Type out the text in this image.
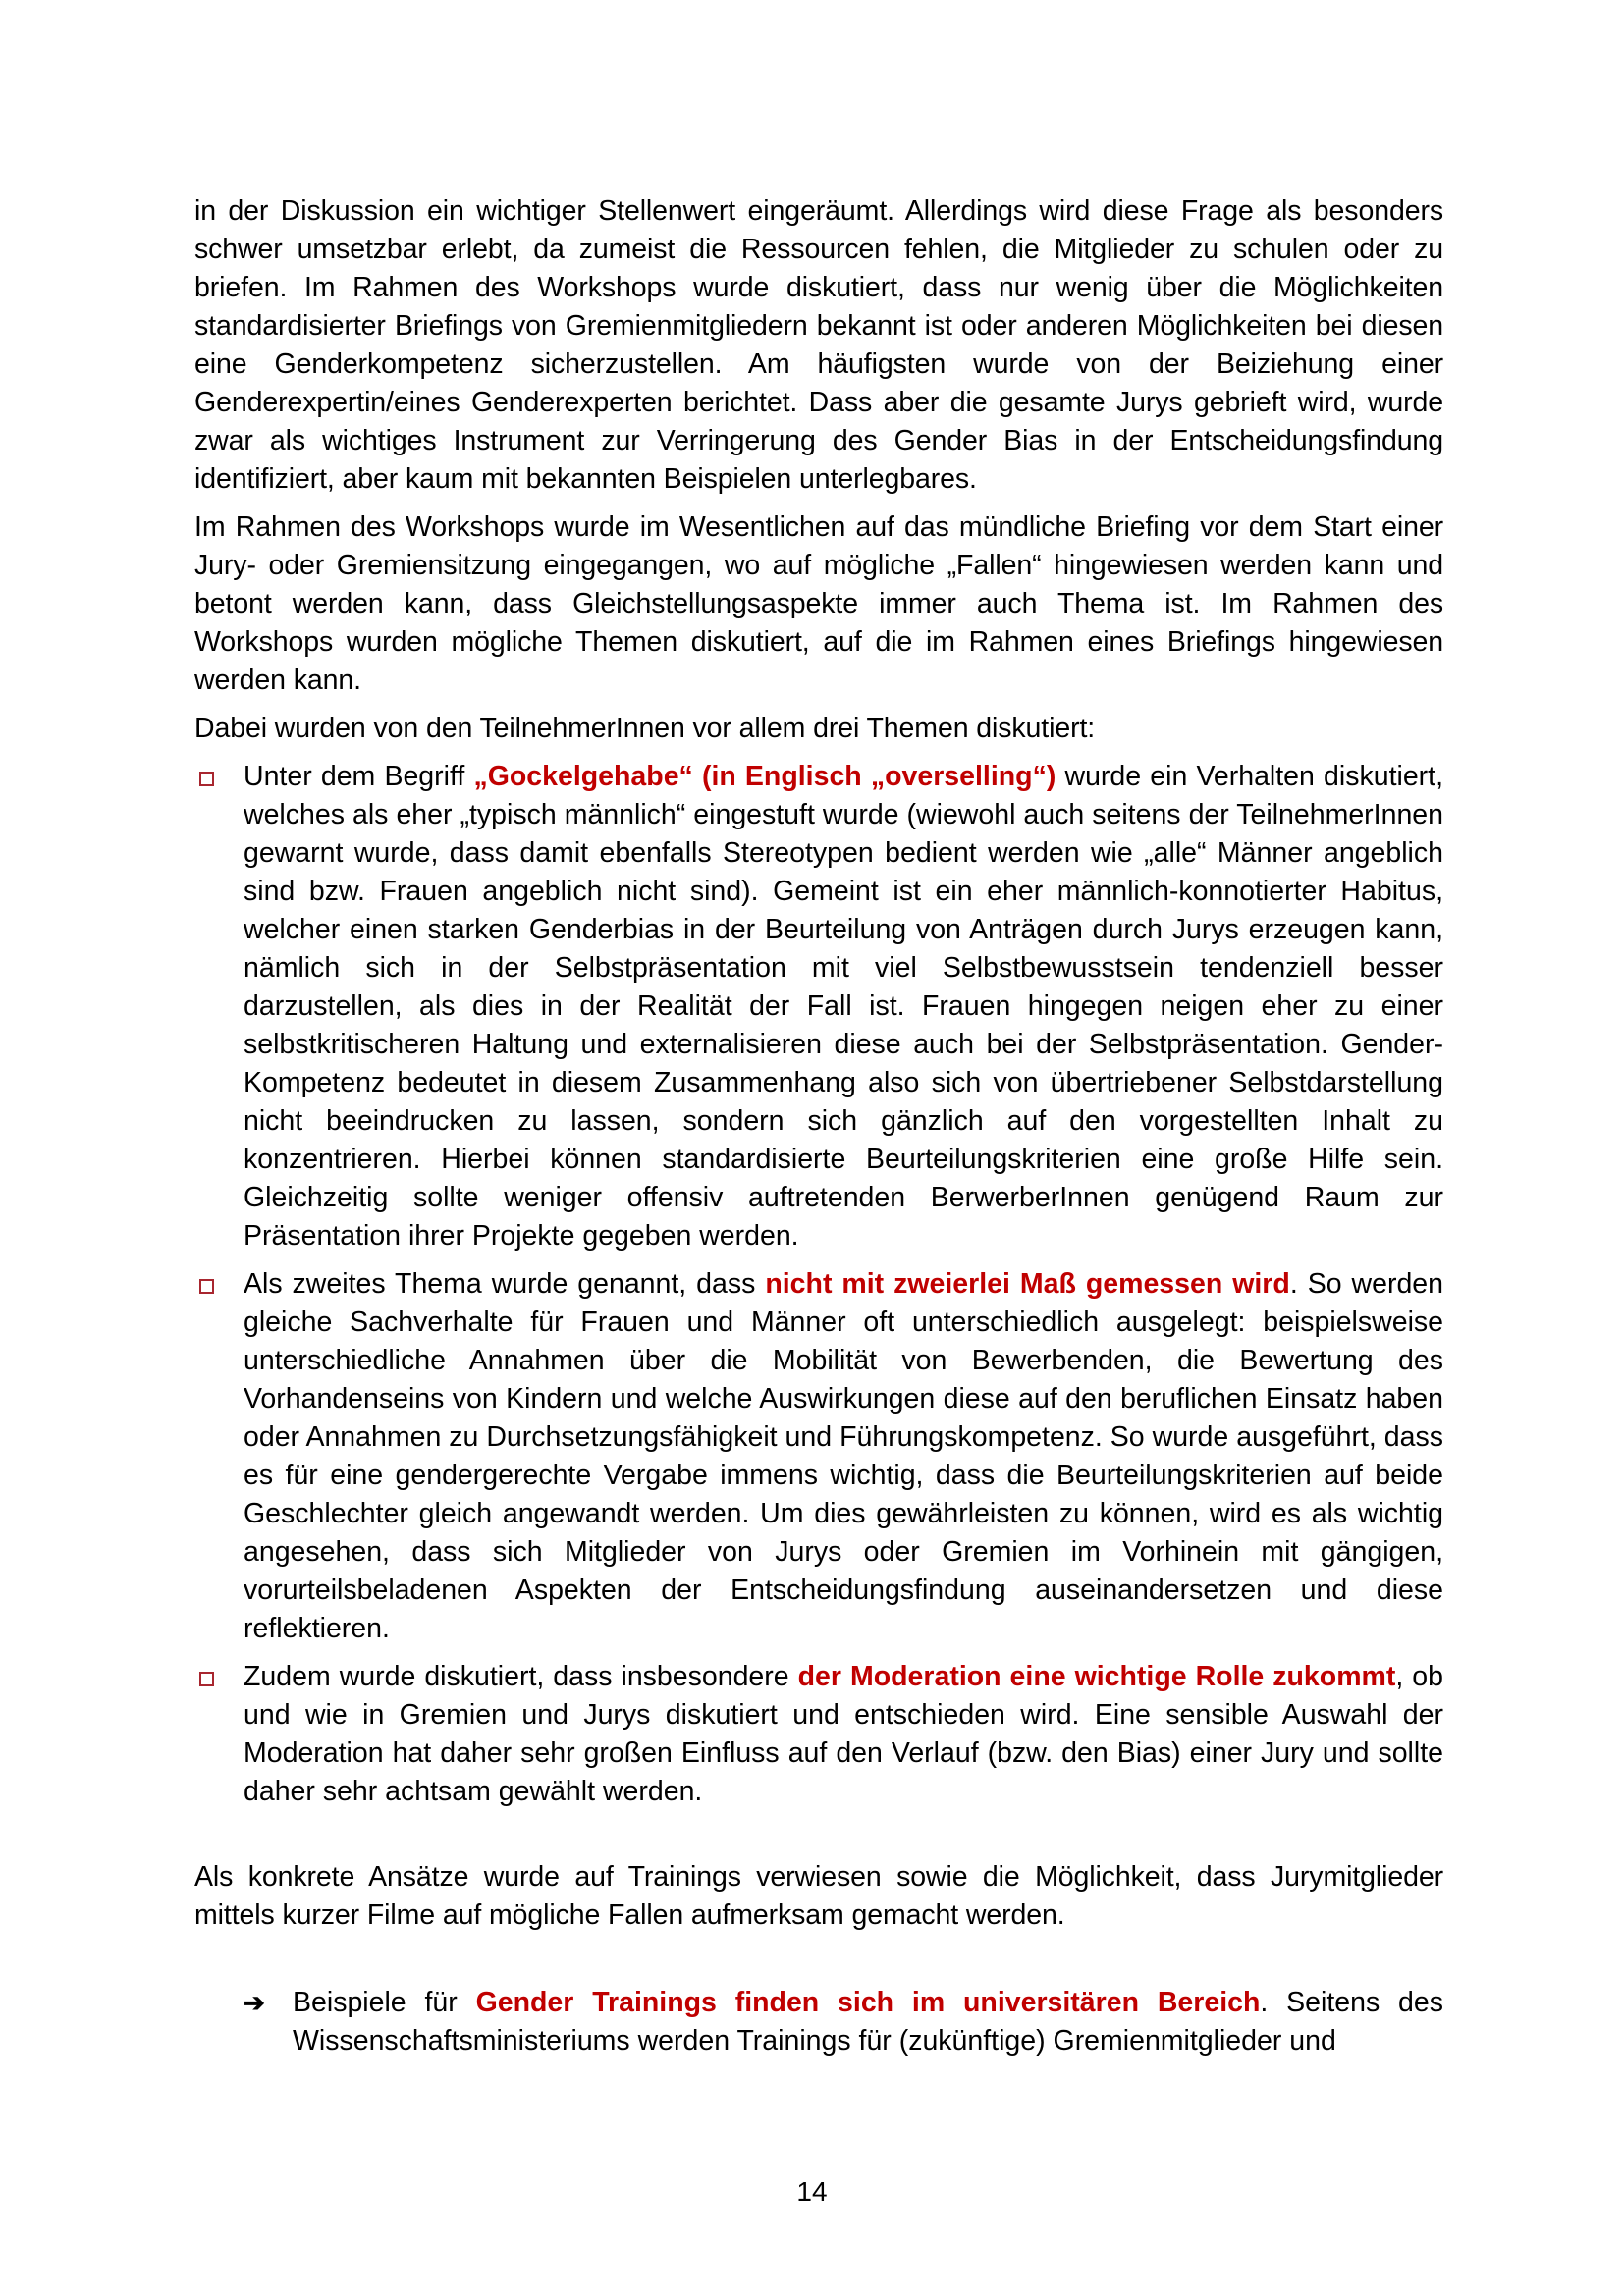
in der Diskussion ein wichtiger Stellenwert eingeräumt. Allerdings wird diese Frage als besonders schwer umsetzbar erlebt, da zumeist die Ressourcen fehlen, die Mitglieder zu schulen oder zu briefen. Im Rahmen des Workshops wurde diskutiert, dass nur wenig über die Möglichkeiten standardisierter Briefings von Gremienmitgliedern bekannt ist oder anderen Möglichkeiten bei diesen eine Genderkompetenz sicherzustellen. Am häufigsten wurde von der Beiziehung einer Genderexpertin/eines Genderexperten berichtet. Dass aber die gesamte Jurys gebrieft wird, wurde zwar als wichtiges Instrument zur Verringerung des Gender Bias in der Entscheidungsfindung identifiziert, aber kaum mit bekannten Beispielen unterlegbares.

Im Rahmen des Workshops wurde im Wesentlichen auf das mündliche Briefing vor dem Start einer Jury- oder Gremiensitzung eingegangen, wo auf mögliche „Fallen“ hingewiesen werden kann und betont werden kann, dass Gleichstellungsaspekte immer auch Thema ist. Im Rahmen des Workshops wurden mögliche Themen diskutiert, auf die im Rahmen eines Briefings hingewiesen werden kann.

Dabei wurden von den TeilnehmerInnen vor allem drei Themen diskutiert:

Unter dem Begriff „Gockelgehabe“ (in Englisch „overselling“) wurde ein Verhalten diskutiert, welches als eher „typisch männlich“ eingestuft wurde (wiewohl auch seitens der TeilnehmerInnen gewarnt wurde, dass damit ebenfalls Stereotypen bedient werden wie „alle“ Männer angeblich sind bzw. Frauen angeblich nicht sind). Gemeint ist ein eher männlich-konnotierter Habitus, welcher einen starken Genderbias in der Beurteilung von Anträgen durch Jurys erzeugen kann, nämlich sich in der Selbstpräsentation mit viel Selbstbewusstsein tendenziell besser darzustellen, als dies in der Realität der Fall ist. Frauen hingegen neigen eher zu einer selbstkritischeren Haltung und externalisieren diese auch bei der Selbstpräsentation. Gender-Kompetenz bedeutet in diesem Zusammenhang also sich von übertriebener Selbstdarstellung nicht beeindrucken zu lassen, sondern sich gänzlich auf den vorgestellten Inhalt zu konzentrieren. Hierbei können standardisierte Beurteilungskriterien eine große Hilfe sein. Gleichzeitig sollte weniger offensiv auftretenden BerwerberInnen genügend Raum zur Präsentation ihrer Projekte gegeben werden.
Als zweites Thema wurde genannt, dass nicht mit zweierlei Maß gemessen wird. So werden gleiche Sachverhalte für Frauen und Männer oft unterschiedlich ausgelegt: beispielsweise unterschiedliche Annahmen über die Mobilität von Bewerbenden, die Bewertung des Vorhandenseins von Kindern und welche Auswirkungen diese auf den beruflichen Einsatz haben oder Annahmen zu Durchsetzungsfähigkeit und Führungskompetenz. So wurde ausgeführt, dass es für eine gendergerechte Vergabe immens wichtig, dass die Beurteilungskriterien auf beide Geschlechter gleich angewandt werden. Um dies gewährleisten zu können, wird es als wichtig angesehen, dass sich Mitglieder von Jurys oder Gremien im Vorhinein mit gängigen, vorurteilsbeladenen Aspekten der Entscheidungsfindung auseinandersetzen und diese reflektieren.
Zudem wurde diskutiert, dass insbesondere der Moderation eine wichtige Rolle zukommt, ob und wie in Gremien und Jurys diskutiert und entschieden wird. Eine sensible Auswahl der Moderation hat daher sehr großen Einfluss auf den Verlauf (bzw. den Bias) einer Jury und sollte daher sehr achtsam gewählt werden.

Als konkrete Ansätze wurde auf Trainings verwiesen sowie die Möglichkeit, dass Jurymitglieder mittels kurzer Filme auf mögliche Fallen aufmerksam gemacht werden.

➔ Beispiele für Gender Trainings finden sich im universitären Bereich. Seitens des Wissenschaftsministeriums werden Trainings für (zukünftige) Gremienmitglieder und
14
